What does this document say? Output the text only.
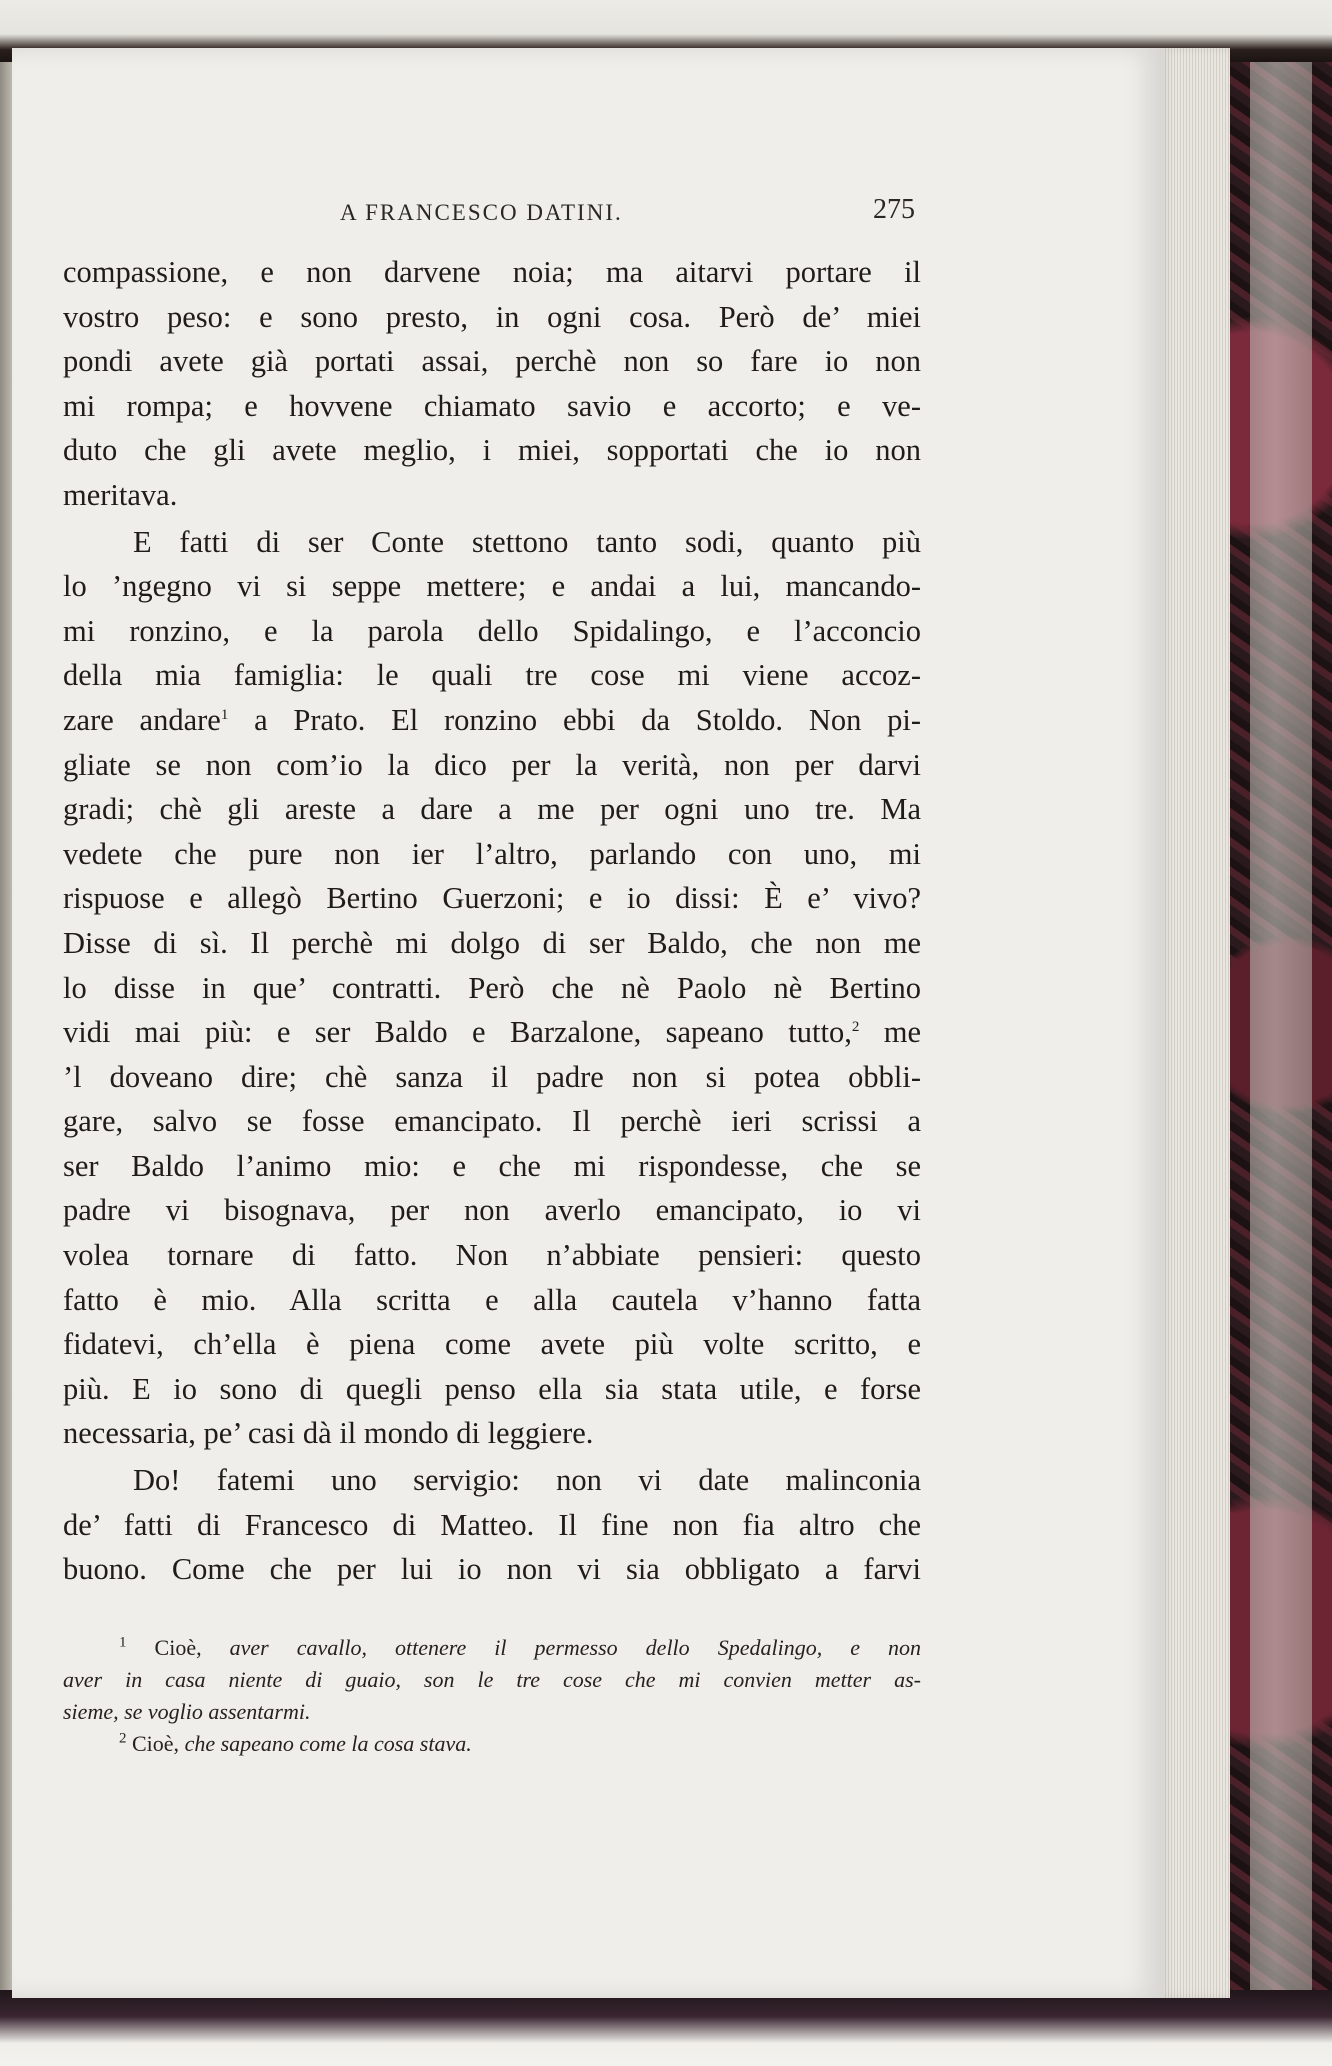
A FRANCESCO DATINI.	275
compassione, e non darvene noia; ma aitarvi portare il
vostro peso: e sono presto, in ogni cosa. Però de’ miei
pondi avete già portati assai, perchè non so fare io non
mi rompa; e hovvene chiamato savio e accorto; e ve-
duto che gli avete meglio, i miei, sopportati che io non
meritava.
E fatti di ser Conte stettono tanto sodi, quanto più
lo ’ngegno vi si seppe mettere; e andai a lui, mancando-
mi ronzino, e la parola dello Spidalingo, e l’acconcio
della mia famiglia: le quali tre cose mi viene accoz-
zare andare$^1$ a Prato. El ronzino ebbi da Stoldo. Non pi-
gliate se non com’io la dico per la verità, non per darvi
gradi; chè gli areste a dare a me per ogni uno tre. Ma
vedete che pure non ier l’altro, parlando con uno, mi
rispuose e allegò Bertino Guerzoni; e io dissi: È e’ vivo?
Disse di sì. Il perchè mi dolgo di ser Baldo, che non me
lo disse in que’ contratti. Però che nè Paolo nè Bertino
vidi mai più: e ser Baldo e Barzalone, sapeano tutto,$^2$ me
’l doveano dire; chè sanza il padre non si potea obbli-
gare, salvo se fosse emancipato. Il perchè ieri scrissi a
ser Baldo l’animo mio: e che mi rispondesse, che se
padre vi bisognava, per non averlo emancipato, io vi
volea tornare di fatto. Non n’abbiate pensieri: questo
fatto è mio. Alla scritta e alla cautela v’hanno fatta
fidatevi, ch’ella è piena come avete più volte scritto, e
più. E io sono di quegli penso ella sia stata utile, e forse
necessaria, pe’ casi dà il mondo di leggiere.
Do! fatemi uno servigio: non vi date malinconia
de’ fatti di Francesco di Matteo. Il fine non fia altro che
buono. Come che per lui io non vi sia obbligato a farvi
$^1$ Cioè, aver cavallo, ottenere il permesso dello Spedalingo, e non
aver in casa niente di guaio, son le tre cose che mi convien metter as-
sieme, se voglio assentarmi.
$^2$ Cioè, che sapeano come la cosa stava.
